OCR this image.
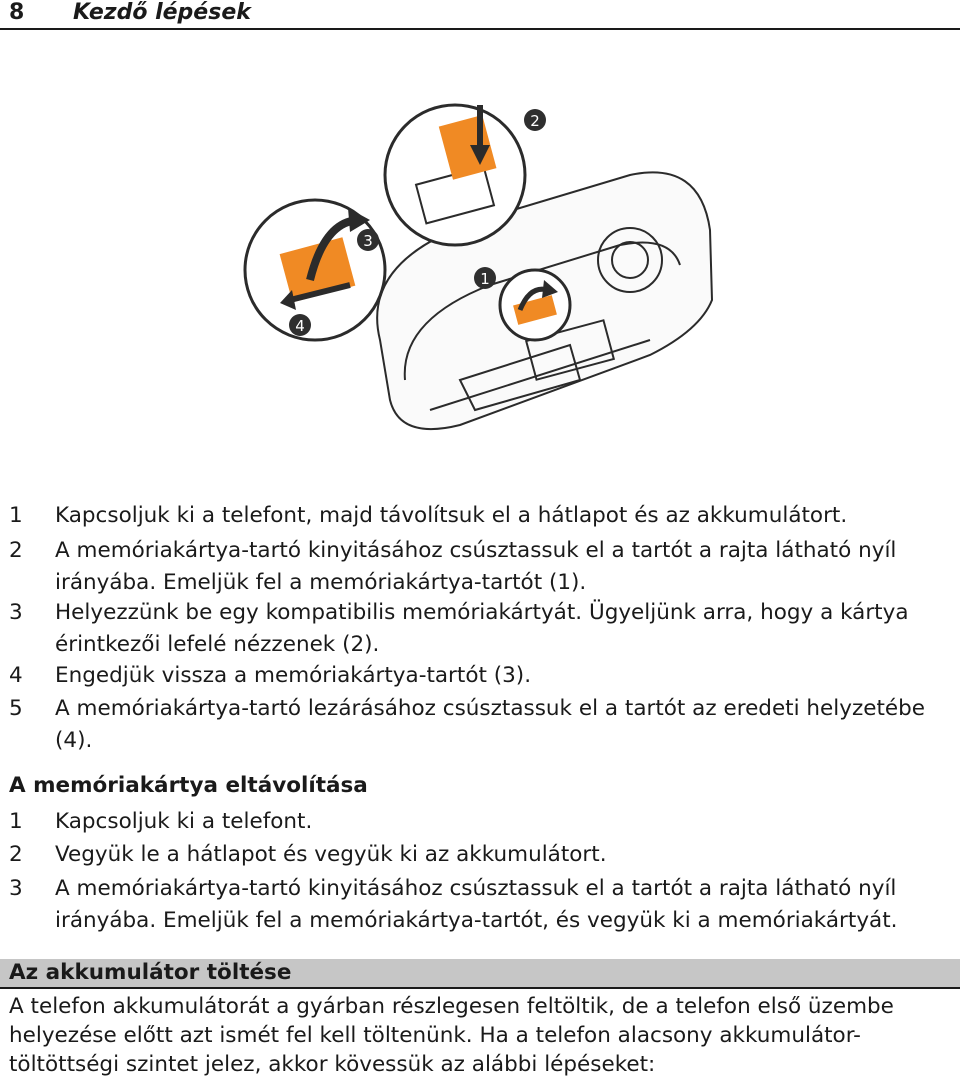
8 Kezdő lépések
1
2
3
4
1	Kapcsoljuk ki a telefont, majd távolítsuk el a hátlapot és az akkumulátort.
2	A memóriakártya-tartó kinyitásához csúsztassuk el a tartót a rajta látható nyíl irányába. Emeljük fel a memóriakártya-tartót (1).
3	Helyezzünk be egy kompatibilis memóriakártyát. Ügyeljünk arra, hogy a kártya érintkezői lefelé nézzenek (2).
4	Engedjük vissza a memóriakártya-tartót (3).
5	A memóriakártya-tartó lezárásához csúsztassuk el a tartót az eredeti helyzetébe (4).
A memóriakártya eltávolítása
1	Kapcsoljuk ki a telefont.
2	Vegyük le a hátlapot és vegyük ki az akkumulátort.
3	A memóriakártya-tartó kinyitásához csúsztassuk el a tartót a rajta látható nyíl irányába. Emeljük fel a memóriakártya-tartót, és vegyük ki a memóriakártyát.
Az akkumulátor töltése
A telefon akkumulátorát a gyárban részlegesen feltöltik, de a telefon első üzembe helyezése előtt azt ismét fel kell töltenünk. Ha a telefon alacsony akkumulátor-töltöttségi szintet jelez, akkor kövessük az alábbi lépéseket:
